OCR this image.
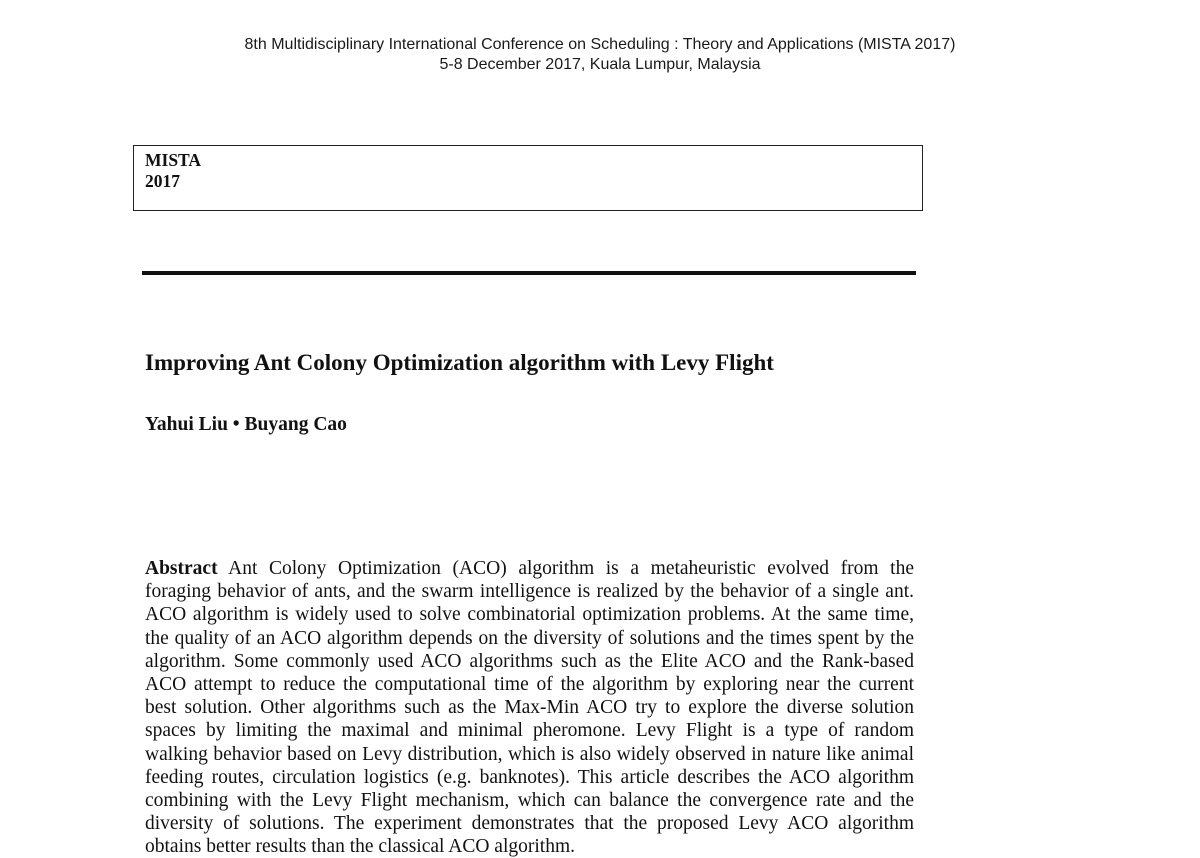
8th Multidisciplinary International Conference on Scheduling : Theory and Applications (MISTA 2017)
5-8 December 2017, Kuala Lumpur, Malaysia
MISTA
2017
Improving Ant Colony Optimization algorithm with Levy Flight
Yahui Liu • Buyang Cao
Abstract Ant Colony Optimization (ACO) algorithm is a metaheuristic evolved from the
foraging behavior of ants, and the swarm intelligence is realized by the behavior of a single ant.
ACO algorithm is widely used to solve combinatorial optimization problems. At the same time,
the quality of an ACO algorithm depends on the diversity of solutions and the times spent by the
algorithm. Some commonly used ACO algorithms such as the Elite ACO and the Rank-based
ACO attempt to reduce the computational time of the algorithm by exploring near the current
best solution. Other algorithms such as the Max-Min ACO try to explore the diverse solution
spaces by limiting the maximal and minimal pheromone. Levy Flight is a type of random
walking behavior based on Levy distribution, which is also widely observed in nature like animal
feeding routes, circulation logistics (e.g. banknotes). This article describes the ACO algorithm
combining with the Levy Flight mechanism, which can balance the convergence rate and the
diversity of solutions. The experiment demonstrates that the proposed Levy ACO algorithm
obtains better results than the classical ACO algorithm.
